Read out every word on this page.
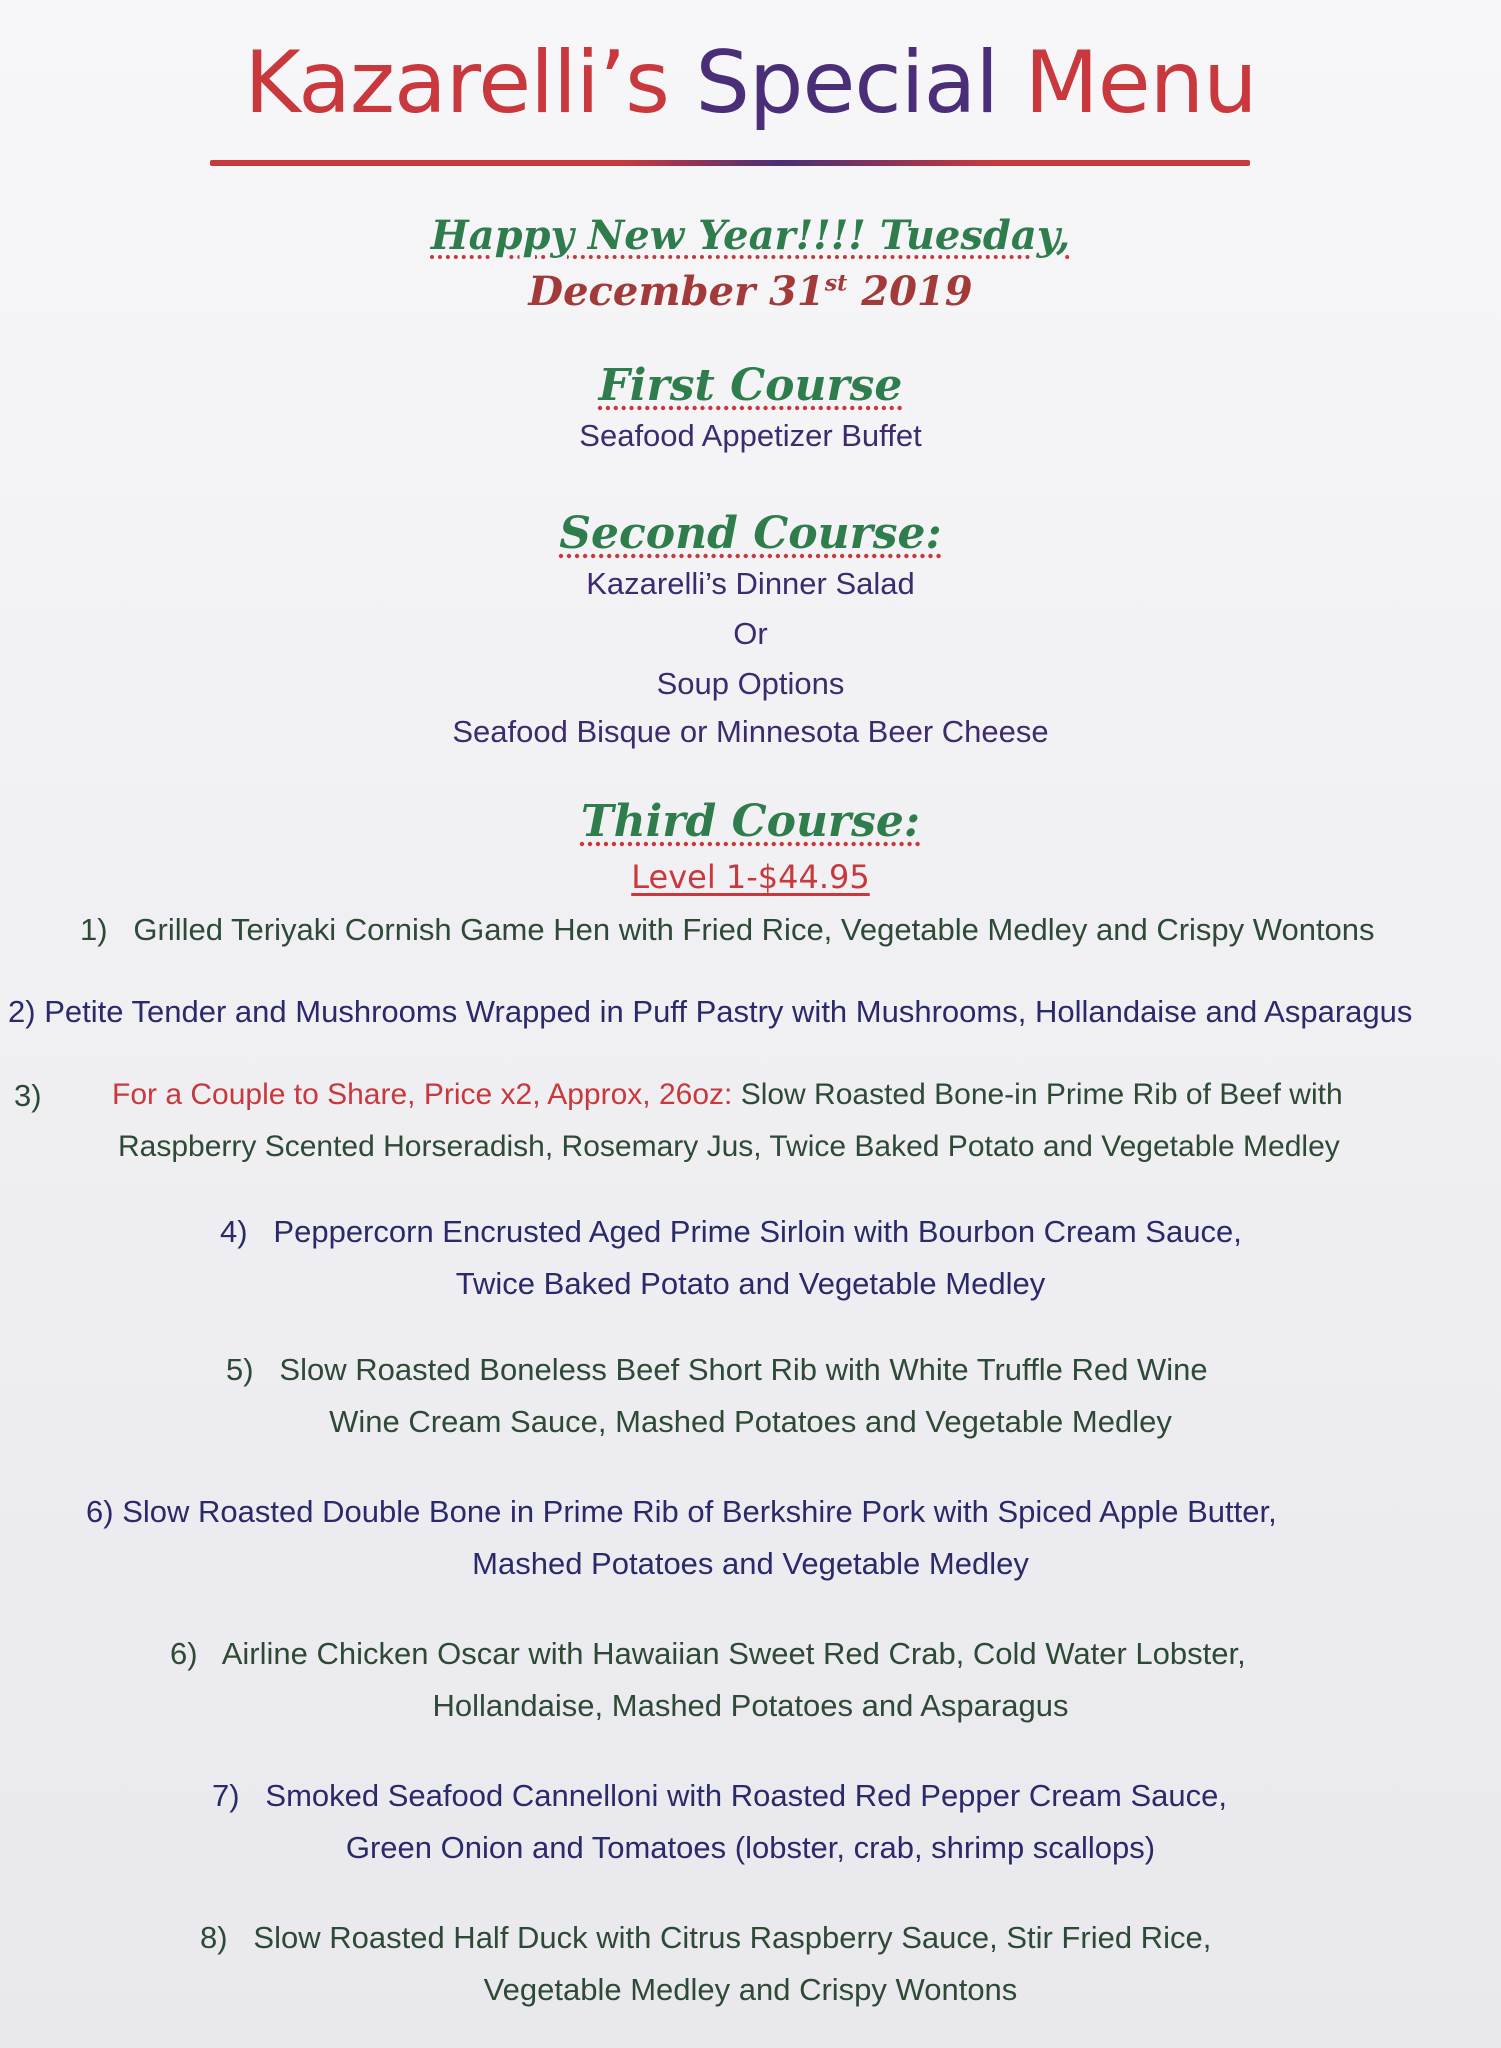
Kazarelli’s Special Menu
Happy New Year!!!! Tuesday,
December 31st 2019
First Course
Seafood Appetizer Buffet
Second Course:
Kazarelli’s Dinner Salad
Or
Soup Options
Seafood Bisque or Minnesota Beer Cheese
Third Course:
Level 1-$44.95
1) Grilled Teriyaki Cornish Game Hen with Fried Rice, Vegetable Medley and Crispy Wontons
2) Petite Tender and Mushrooms Wrapped in Puff Pastry with Mushrooms, Hollandaise and Asparagus
3) For a Couple to Share, Price x2, Approx, 26oz: Slow Roasted Bone-in Prime Rib of Beef with
Raspberry Scented Horseradish, Rosemary Jus, Twice Baked Potato and Vegetable Medley
4) Peppercorn Encrusted Aged Prime Sirloin with Bourbon Cream Sauce,
Twice Baked Potato and Vegetable Medley
5) Slow Roasted Boneless Beef Short Rib with White Truffle Red Wine
Wine Cream Sauce, Mashed Potatoes and Vegetable Medley
6) Slow Roasted Double Bone in Prime Rib of Berkshire Pork with Spiced Apple Butter,
Mashed Potatoes and Vegetable Medley
6) Airline Chicken Oscar with Hawaiian Sweet Red Crab, Cold Water Lobster,
Hollandaise, Mashed Potatoes and Asparagus
7) Smoked Seafood Cannelloni with Roasted Red Pepper Cream Sauce,
Green Onion and Tomatoes (lobster, crab, shrimp scallops)
8) Slow Roasted Half Duck with Citrus Raspberry Sauce, Stir Fried Rice,
Vegetable Medley and Crispy Wontons
